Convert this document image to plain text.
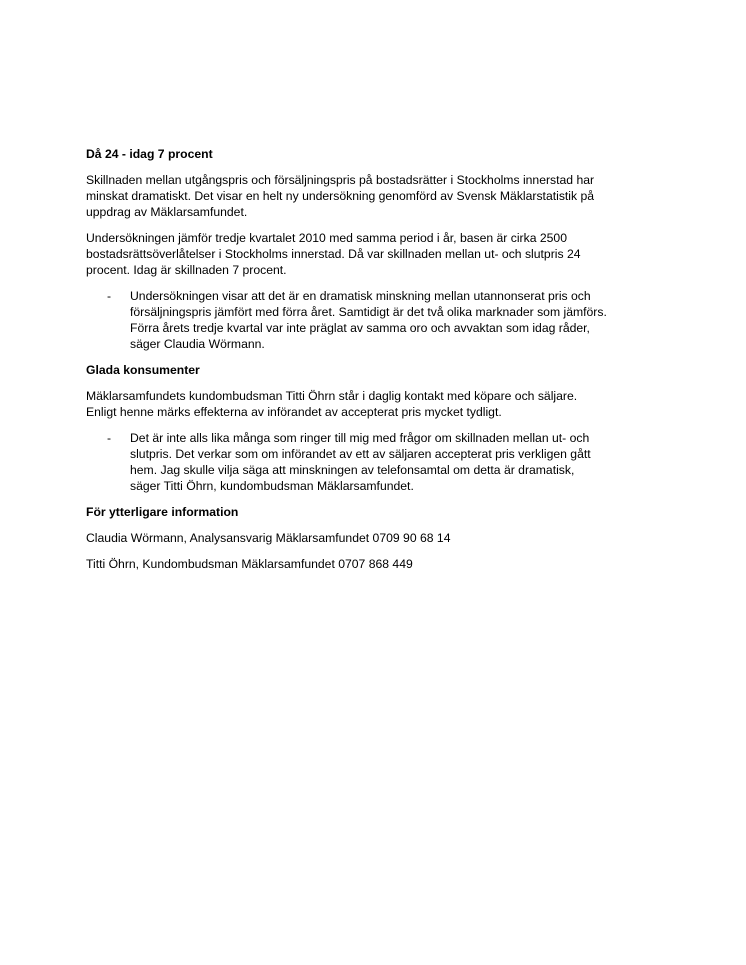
Då 24 - idag 7 procent
Skillnaden mellan utgångspris och försäljningspris på bostadsrätter i Stockholms innerstad har
minskat dramatiskt. Det visar en helt ny undersökning genomförd av Svensk Mäklarstatistik på
uppdrag av Mäklarsamfundet.
Undersökningen jämför tredje kvartalet 2010 med samma period i år, basen är cirka 2500
bostadsrättsöverlåtelser i Stockholms innerstad. Då var skillnaden mellan ut- och slutpris 24
procent. Idag är skillnaden 7 procent.
- Undersökningen visar att det är en dramatisk minskning mellan utannonserat pris och
försäljningspris jämfört med förra året. Samtidigt är det två olika marknader som jämförs.
Förra årets tredje kvartal var inte präglat av samma oro och avvaktan som idag råder,
säger Claudia Wörmann.
Glada konsumenter
Mäklarsamfundets kundombudsman Titti Öhrn står i daglig kontakt med köpare och säljare.
Enligt henne märks effekterna av införandet av accepterat pris mycket tydligt.
- Det är inte alls lika många som ringer till mig med frågor om skillnaden mellan ut- och
slutpris. Det verkar som om införandet av ett av säljaren accepterat pris verkligen gått
hem. Jag skulle vilja säga att minskningen av telefonsamtal om detta är dramatisk,
säger Titti Öhrn, kundombudsman Mäklarsamfundet.
För ytterligare information
Claudia Wörmann, Analysansvarig Mäklarsamfundet 0709 90 68 14
Titti Öhrn, Kundombudsman Mäklarsamfundet 0707 868 449
